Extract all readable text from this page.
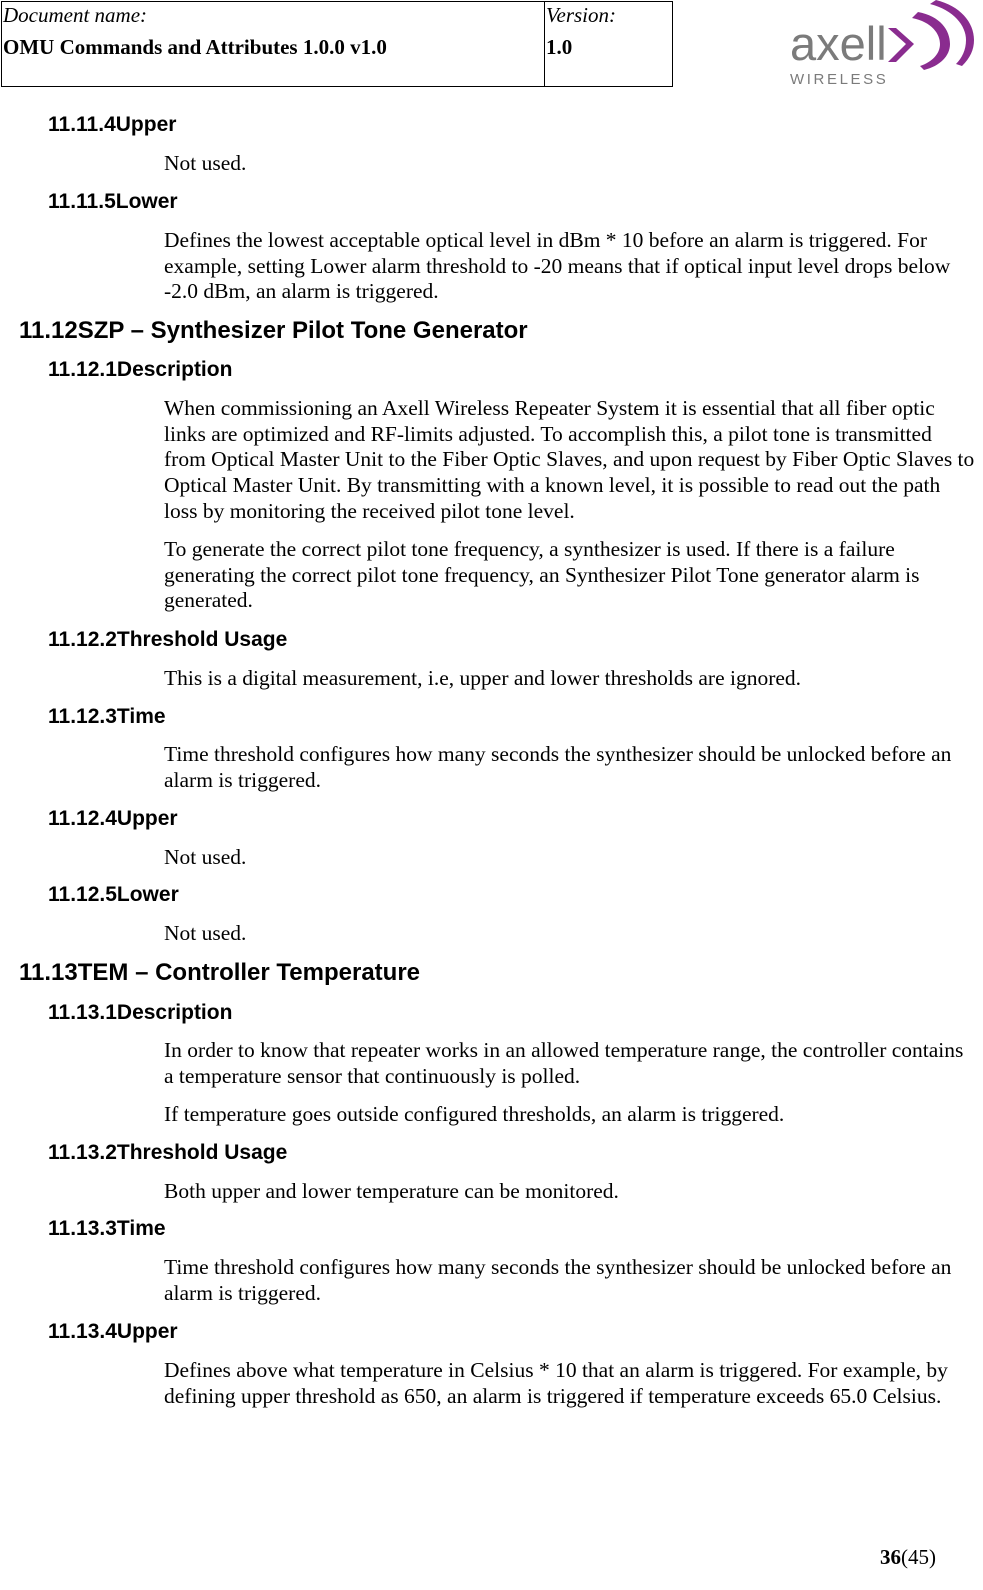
Document name:
OMU Commands and Attributes 1.0.0 v1.0
Version:
1.0	axell
WIRELESS
11.11.4Upper
Not used.
11.11.5Lower
Defines the lowest acceptable optical level in dBm * 10 before an alarm is triggered. For example, setting Lower alarm threshold to -20 means that if optical input level drops below -2.0 dBm, an alarm is triggered.
11.12SZP – Synthesizer Pilot Tone Generator
11.12.1Description
When commissioning an Axell Wireless Repeater System it is essential that all fiber optic links are optimized and RF-limits adjusted. To accomplish this, a pilot tone is transmitted from Optical Master Unit to the Fiber Optic Slaves, and upon request by Fiber Optic Slaves to Optical Master Unit. By transmitting with a known level, it is possible to read out the path loss by monitoring the received pilot tone level.
To generate the correct pilot tone frequency, a synthesizer is used. If there is a failure generating the correct pilot tone frequency, an Synthesizer Pilot Tone generator alarm is generated.
11.12.2Threshold Usage
This is a digital measurement, i.e, upper and lower thresholds are ignored.
11.12.3Time
Time threshold configures how many seconds the synthesizer should be unlocked before an alarm is triggered.
11.12.4Upper
Not used.
11.12.5Lower
Not used.
11.13TEM – Controller Temperature
11.13.1Description
In order to know that repeater works in an allowed temperature range, the controller contains a temperature sensor that continuously is polled.
If temperature goes outside configured thresholds, an alarm is triggered.
11.13.2Threshold Usage
Both upper and lower temperature can be monitored.
11.13.3Time
Time threshold configures how many seconds the synthesizer should be unlocked before an alarm is triggered.
11.13.4Upper
Defines above what temperature in Celsius * 10 that an alarm is triggered. For example, by defining upper threshold as 650, an alarm is triggered if temperature exceeds 65.0 Celsius.
36(45)
